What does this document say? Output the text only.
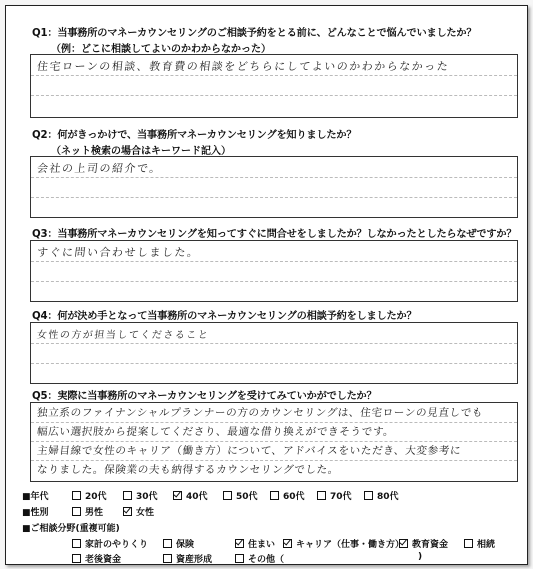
Q1：当事務所のマネーカウンセリングのご相談予約をとる前に、どんなことで悩んでいましたか？
（例：どこに相談してよいのかわからなかった）
住宅ローンの相談、教育費の相談をどちらにしてよいのかわからなかった
Q2：何がきっかけで、当事務所マネーカウンセリングを知りましたか？
（ネット検索の場合はキーワード記入）
会社の上司の紹介で。
Q3：当事務所マネーカウンセリングを知ってすぐに問合せをしましたか？しなかったとしたらなぜですか？
すぐに問い合わせしました。
Q4：何が決め手となって当事務所のマネーカウンセリングの相談予約をしましたか？
女性の方が担当してくださること
Q5：実際に当事務所のマネーカウンセリングを受けてみていかがでしたか？
独立系のファイナンシャルプランナーの方のカウンセリングは、住宅ローンの見直しでも
幅広い選択肢から提案してくださり、最適な借り換えができそうです。
主婦目線で女性のキャリア（働き方）について、アドバイスをいただき、大変参考に
なりました。保険業の夫も納得するカウンセリングでした。
■年代	20代	30代	40代	50代	60代	70代	80代
■性別	男性	女性
■ご相談分野(重複可能)
家計のやりくり	保険	住まい キャリア（仕事・働き方） 教育資金	相続
老後資金	資産形成	その他（	)
